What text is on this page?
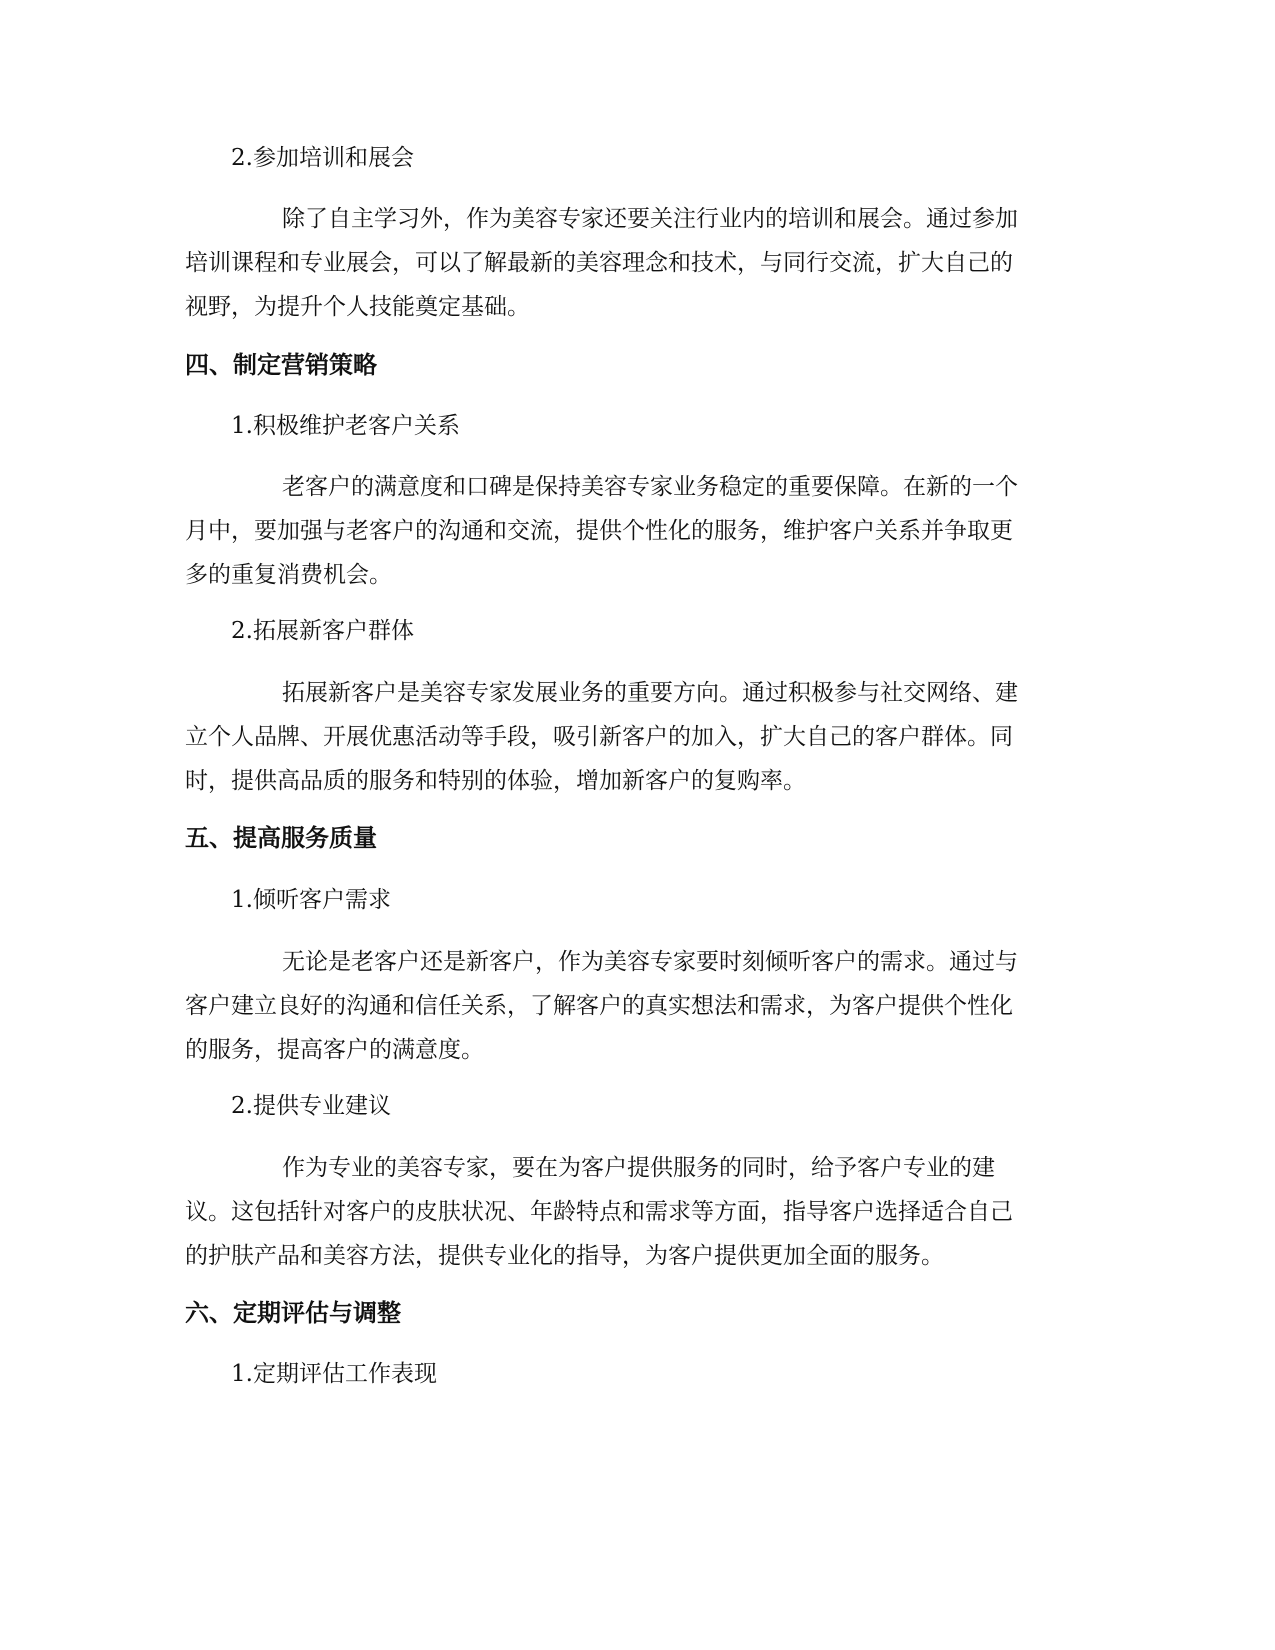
2.参加培训和展会
除了自主学习外，作为美容专家还要关注行业内的培训和展会。通过参加
培训课程和专业展会，可以了解最新的美容理念和技术，与同行交流，扩大自己的
视野，为提升个人技能奠定基础。
四、制定营销策略
1.积极维护老客户关系
老客户的满意度和口碑是保持美容专家业务稳定的重要保障。在新的一个
月中，要加强与老客户的沟通和交流，提供个性化的服务，维护客户关系并争取更
多的重复消费机会。
2.拓展新客户群体
拓展新客户是美容专家发展业务的重要方向。通过积极参与社交网络、建
立个人品牌、开展优惠活动等手段，吸引新客户的加入，扩大自己的客户群体。同
时，提供高品质的服务和特别的体验，增加新客户的复购率。
五、提高服务质量
1.倾听客户需求
无论是老客户还是新客户，作为美容专家要时刻倾听客户的需求。通过与
客户建立良好的沟通和信任关系，了解客户的真实想法和需求，为客户提供个性化
的服务，提高客户的满意度。
2.提供专业建议
作为专业的美容专家，要在为客户提供服务的同时，给予客户专业的建
议。这包括针对客户的皮肤状况、年龄特点和需求等方面，指导客户选择适合自己
的护肤产品和美容方法，提供专业化的指导，为客户提供更加全面的服务。
六、定期评估与调整
1.定期评估工作表现
